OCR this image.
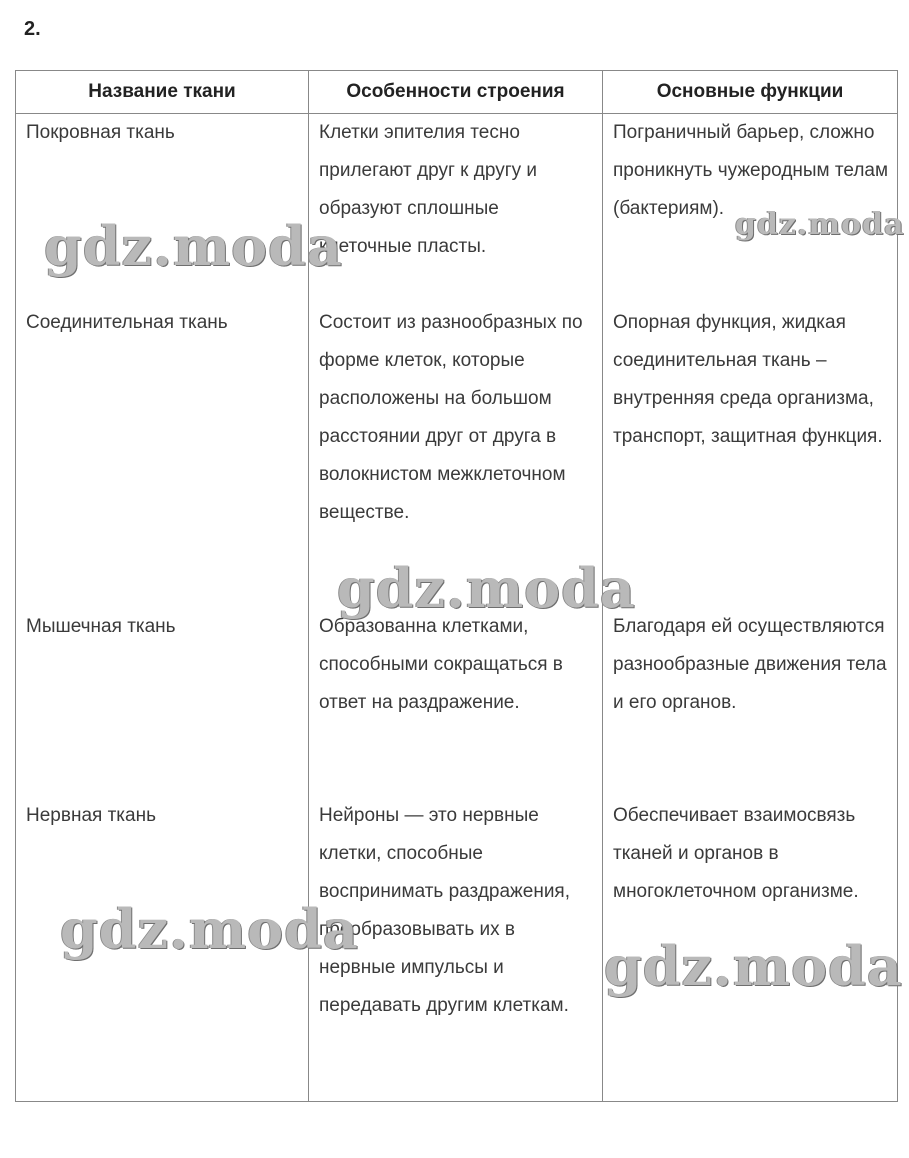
2.
Название ткани	Особенности строения	Основные функции
Покровная ткань	Клетки эпителия тесно прилегают друг к другу и образуют сплошные клеточные пласты.	Пограничный барьер, сложно проникнуть чужеродным телам (бактериям).
Соединительная ткань	Состоит из разнообразных по форме клеток, которые расположены на большом расстоянии друг от друга в волокнистом межклеточном веществе.	Опорная функция, жидкая соединительная ткань – внутренняя среда организма, транспорт, защитная функция.
Мышечная ткань	Образованна клетками, способными сокращаться в ответ на раздражение.	Благодаря ей осуществляются разнообразные движения тела и его органов.
Нервная ткань	Нейроны — это нервные клетки, способные воспринимать раздражения, преобразовывать их в нервные импульсы и передавать другим клеткам.	Обеспечивает взаимосвязь тканей и органов в многоклеточном организме.
gdz.moda	gdz.moda
gdz.moda
gdz.moda
gdz.moda
